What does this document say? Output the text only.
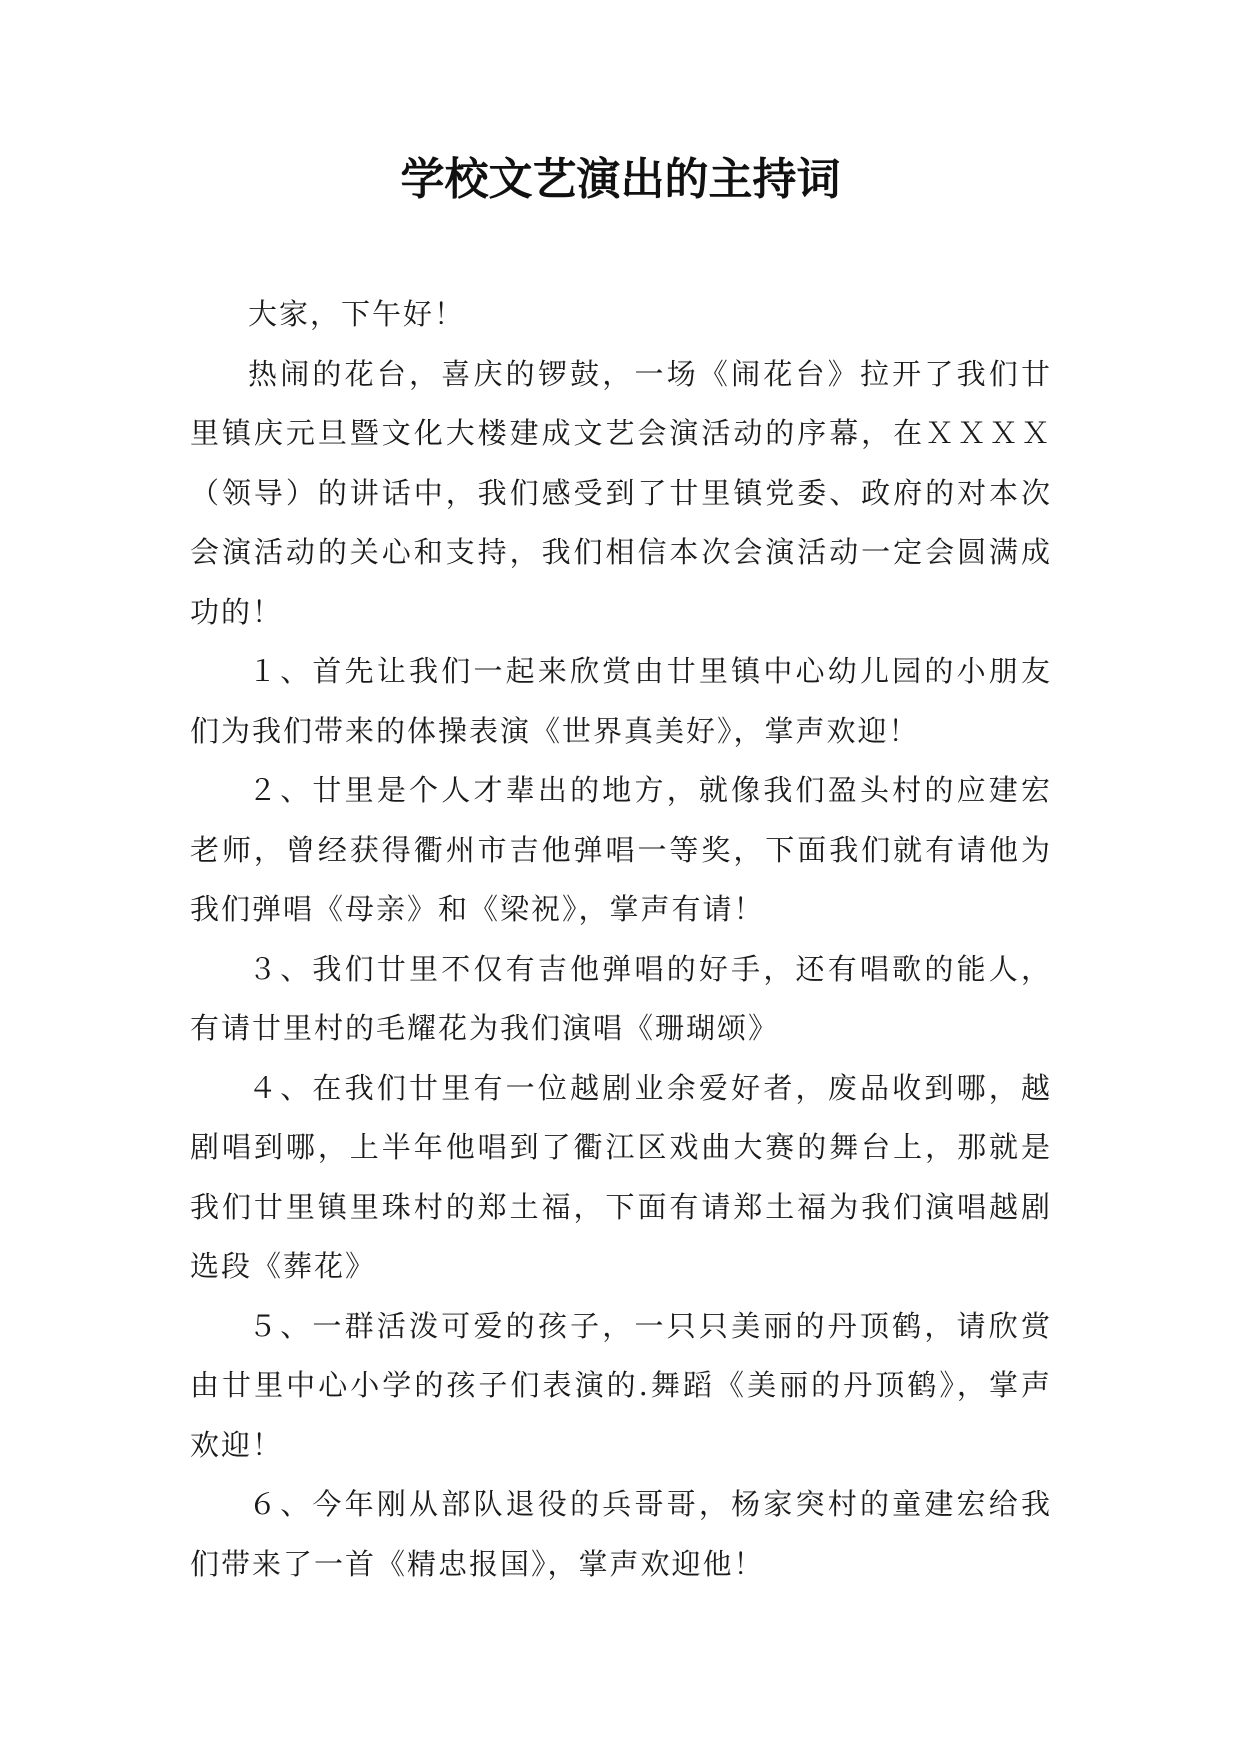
学校文艺演出的主持词

大家，下午好！

热闹的花台，喜庆的锣鼓，一场《闹花台》拉开了我们廿里镇庆元旦暨文化大楼建成文艺会演活动的序幕，在ＸＸＸＸ（领导）的讲话中，我们感受到了廿里镇党委、政府的对本次会演活动的关心和支持，我们相信本次会演活动一定会圆满成功的！

１、首先让我们一起来欣赏由廿里镇中心幼儿园的小朋友们为我们带来的体操表演《世界真美好》，掌声欢迎！

２、廿里是个人才辈出的地方，就像我们盈头村的应建宏老师，曾经获得衢州市吉他弹唱一等奖，下面我们就有请他为我们弹唱《母亲》和《梁祝》，掌声有请！

３、我们廿里不仅有吉他弹唱的好手，还有唱歌的能人，有请廿里村的毛耀花为我们演唱《珊瑚颂》

４、在我们廿里有一位越剧业余爱好者，废品收到哪，越剧唱到哪，上半年他唱到了衢江区戏曲大赛的舞台上，那就是我们廿里镇里珠村的郑土福，下面有请郑土福为我们演唱越剧选段《葬花》

５、一群活泼可爱的孩子，一只只美丽的丹顶鹤，请欣赏由廿里中心小学的孩子们表演的.舞蹈《美丽的丹顶鹤》，掌声欢迎！

６、今年刚从部队退役的兵哥哥，杨家突村的童建宏给我们带来了一首《精忠报国》，掌声欢迎他！
